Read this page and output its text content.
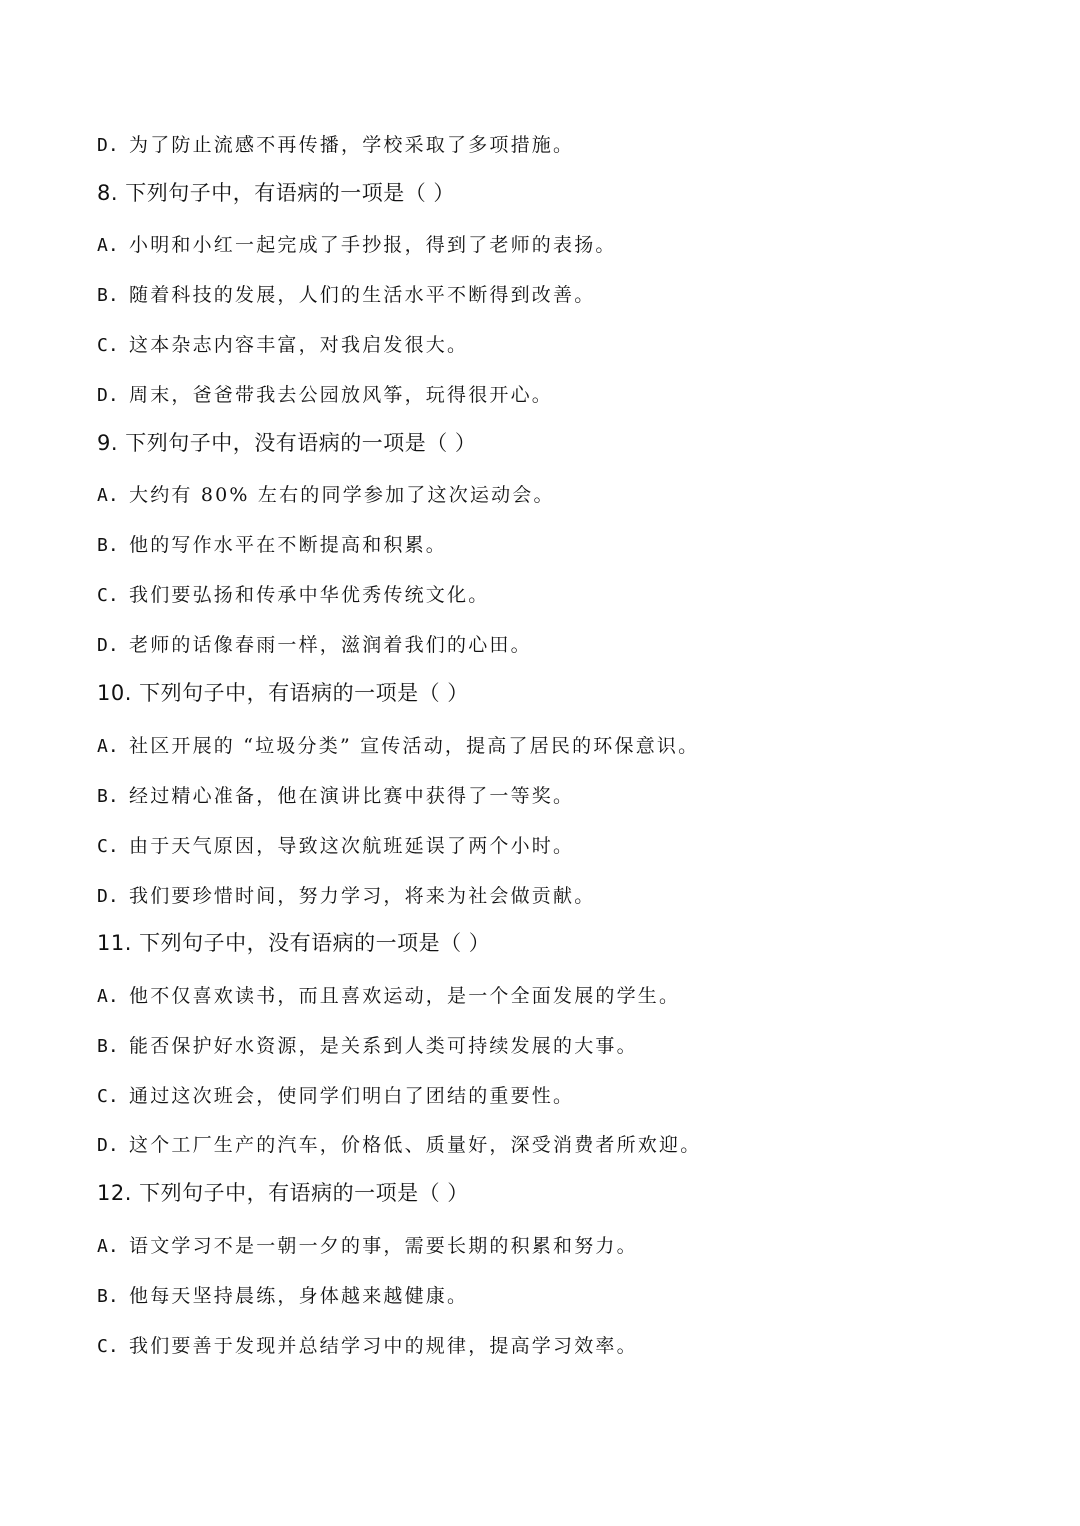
D. 为了防止流感不再传播，学校采取了多项措施。
8. 下列句子中，有语病的一项是（ ）
A. 小明和小红一起完成了手抄报，得到了老师的表扬。
B. 随着科技的发展，人们的生活水平不断得到改善。
C. 这本杂志内容丰富，对我启发很大。
D. 周末，爸爸带我去公园放风筝，玩得很开心。
9. 下列句子中，没有语病的一项是（ ）
A. 大约有 80% 左右的同学参加了这次运动会。
B. 他的写作水平在不断提高和积累。
C. 我们要弘扬和传承中华优秀传统文化。
D. 老师的话像春雨一样，滋润着我们的心田。
10. 下列句子中，有语病的一项是（ ）
A. 社区开展的 “垃圾分类” 宣传活动，提高了居民的环保意识。
B. 经过精心准备，他在演讲比赛中获得了一等奖。
C. 由于天气原因，导致这次航班延误了两个小时。
D. 我们要珍惜时间，努力学习，将来为社会做贡献。
11. 下列句子中，没有语病的一项是（ ）
A. 他不仅喜欢读书，而且喜欢运动，是一个全面发展的学生。
B. 能否保护好水资源，是关系到人类可持续发展的大事。
C. 通过这次班会，使同学们明白了团结的重要性。
D. 这个工厂生产的汽车，价格低、质量好，深受消费者所欢迎。
12. 下列句子中，有语病的一项是（ ）
A. 语文学习不是一朝一夕的事，需要长期的积累和努力。
B. 他每天坚持晨练，身体越来越健康。
C. 我们要善于发现并总结学习中的规律，提高学习效率。
